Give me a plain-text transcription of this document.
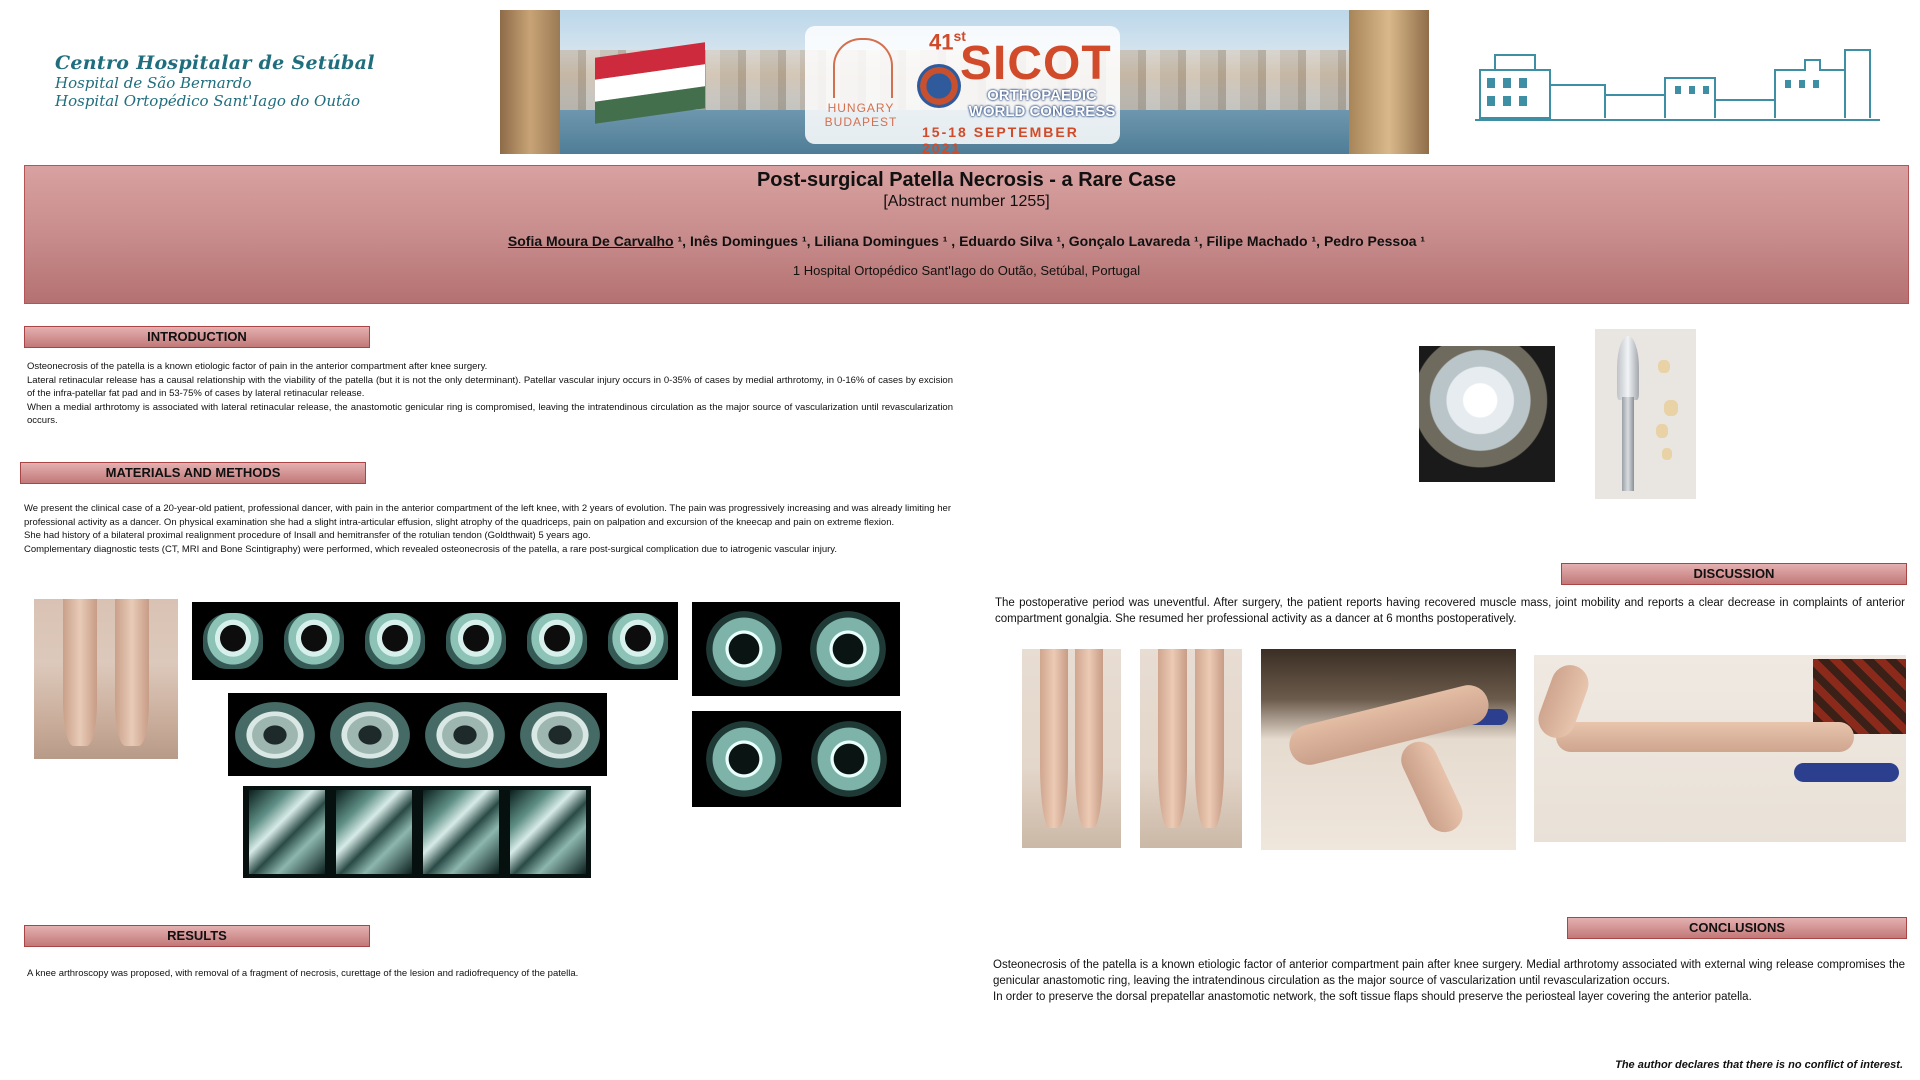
Centro Hospitalar de Setúbal
Hospital de São Bernardo
Hospital Ortopédico Sant'Iago do Outão	HUNGARY
BUDAPEST
41st
SICOT
ORTHOPAEDIC WORLD CONGRESS
15-18 SEPTEMBER 2021
Post-surgical Patella Necrosis - a Rare Case
[Abstract number 1255]
Sofia Moura De Carvalho ¹, Inês Domingues ¹, Liliana Domingues ¹ , Eduardo Silva ¹, Gonçalo Lavareda ¹, Filipe Machado ¹, Pedro Pessoa ¹
1 Hospital Ortopédico Sant'Iago do Outão, Setúbal, Portugal
INTRODUCTION

Osteonecrosis of the patella is a known etiologic factor of pain in the anterior compartment after knee surgery.

Lateral retinacular release has a causal relationship with the viability of the patella (but it is not the only determinant). Patellar vascular injury occurs in 0-35% of cases by medial arthrotomy, in 0-16% of cases by excision of the infra-patellar fat pad and in 53-75% of cases by lateral retinacular release.

When a medial arthrotomy is associated with lateral retinacular release, the anastomotic genicular ring is compromised, leaving the intratendinous circulation as the major source of vascularization until revascularization occurs.

MATERIALS AND METHODS

We present the clinical case of a 20-year-old patient, professional dancer, with pain in the anterior compartment of the left knee, with 2 years of evolution. The pain was progressively increasing and was already limiting her professional activity as a dancer. On physical examination she had a slight intra-articular effusion, slight atrophy of the quadriceps, pain on palpation and excursion of the kneecap and pain on extreme flexion.

She had history of a bilateral proximal realignment procedure of Insall and hemitransfer of the rotulian tendon (Goldthwait) 5 years ago.

Complementary diagnostic tests (CT, MRI and Bone Scintigraphy) were performed, which revealed osteonecrosis of the patella, a rare post-surgical complication due to iatrogenic vascular injury.

RESULTS

A knee arthroscopy was proposed, with removal of a fragment of necrosis, curettage of the lesion and radiofrequency of the patella.

DISCUSSION

The postoperative period was uneventful. After surgery, the patient reports having recovered muscle mass, joint mobility and reports a clear decrease in complaints of anterior compartment gonalgia. She resumed her professional activity as a dancer at 6 months postoperatively.

CONCLUSIONS

Osteonecrosis of the patella is a known etiologic factor of anterior compartment pain after knee surgery. Medial arthrotomy associated with external wing release compromises the genicular anastomotic ring, leaving the intratendinous circulation as the major source of vascularization until revascularization occurs.

In order to preserve the dorsal prepatellar anastomotic network, the soft tissue flaps should preserve the periosteal layer covering the anterior patella.

The author declares that there is no conflict of interest.
